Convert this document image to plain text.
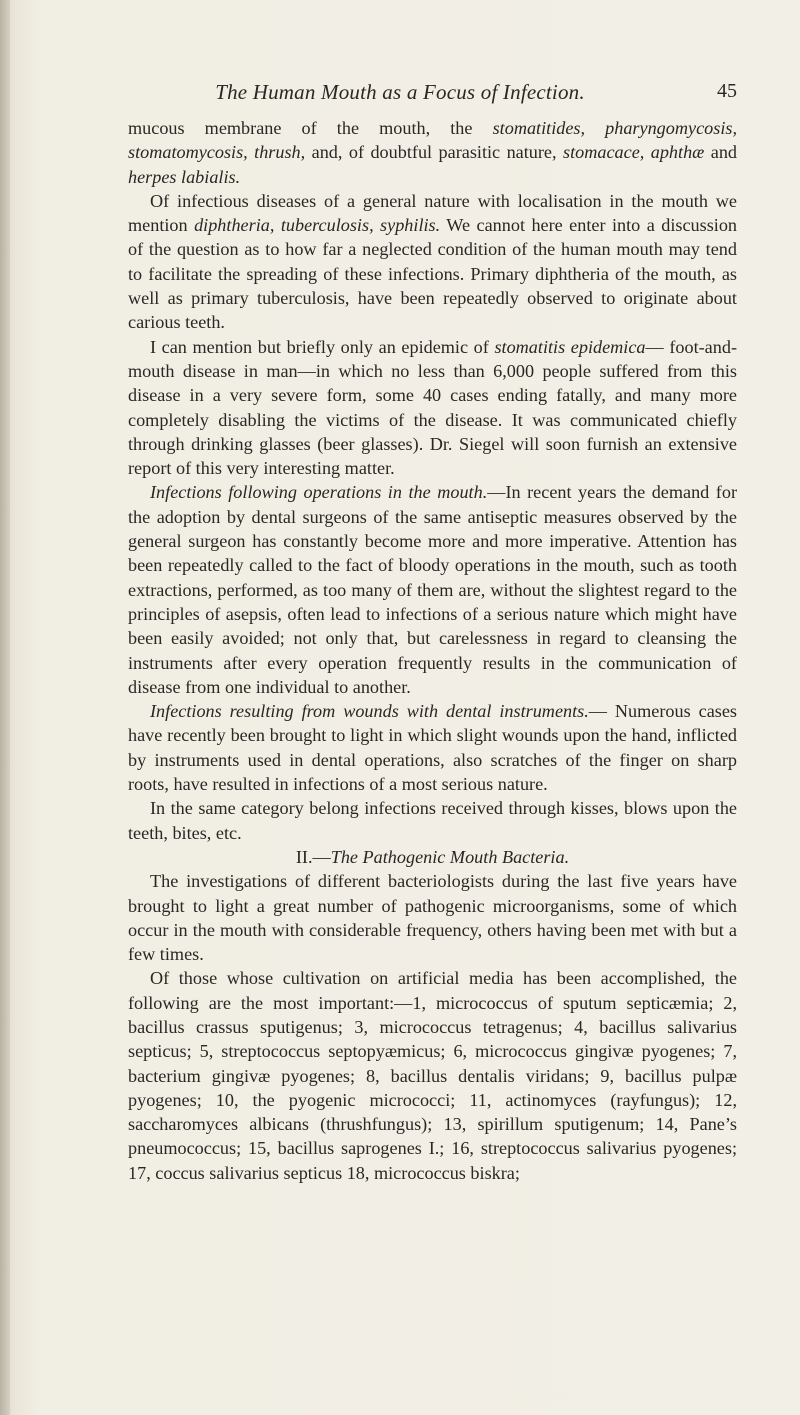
The Human Mouth as a Focus of Infection.	45

mucous membrane of the mouth, the stomatitides, pharyngomycosis, stomatomycosis, thrush, and, of doubtful parasitic nature, stomacace, aphthæ and herpes labialis.

Of infectious diseases of a general nature with localisation in the mouth we mention diphtheria, tuberculosis, syphilis. We cannot here enter into a discussion of the question as to how far a neglected condition of the human mouth may tend to facilitate the spreading of these infections. Primary diphtheria of the mouth, as well as primary tuberculosis, have been repeatedly observed to originate about carious teeth.

I can mention but briefly only an epidemic of stomatitis epidemica— foot-and-mouth disease in man—in which no less than 6,000 people suffered from this disease in a very severe form, some 40 cases ending fatally, and many more completely disabling the victims of the disease. It was communicated chiefly through drinking glasses (beer glasses). Dr. Siegel will soon furnish an extensive report of this very interesting matter.

Infections following operations in the mouth.—In recent years the demand for the adoption by dental surgeons of the same antiseptic measures observed by the general surgeon has constantly become more and more imperative. Attention has been repeatedly called to the fact of bloody operations in the mouth, such as tooth extractions, performed, as too many of them are, without the slightest regard to the principles of asepsis, often lead to infections of a serious nature which might have been easily avoided; not only that, but carelessness in regard to cleansing the instruments after every operation frequently results in the communication of disease from one individual to another.

Infections resulting from wounds with dental instruments.— Numerous cases have recently been brought to light in which slight wounds upon the hand, inflicted by instruments used in dental operations, also scratches of the finger on sharp roots, have resulted in infections of a most serious nature.

In the same category belong infections received through kisses, blows upon the teeth, bites, etc.

II.—The Pathogenic Mouth Bacteria.

The investigations of different bacteriologists during the last five years have brought to light a great number of pathogenic microorganisms, some of which occur in the mouth with considerable frequency, others having been met with but a few times.

Of those whose cultivation on artificial media has been accomplished, the following are the most important:—1, micrococcus of sputum septicæmia; 2, bacillus crassus sputigenus; 3, micrococcus tetragenus; 4, bacillus salivarius septicus; 5, streptococcus septopyæmicus; 6, micrococcus gingivæ pyogenes; 7, bacterium gingivæ pyogenes; 8, bacillus dentalis viridans; 9, bacillus pulpæ pyogenes; 10, the pyogenic micrococci; 11, actinomyces (rayfungus); 12, saccharomyces albicans (thrushfungus); 13, spirillum sputigenum; 14, Pane’s pneumococcus; 15, bacillus saprogenes I.; 16, streptococcus salivarius pyogenes; 17, coccus salivarius septicus 18, micrococcus biskra;
